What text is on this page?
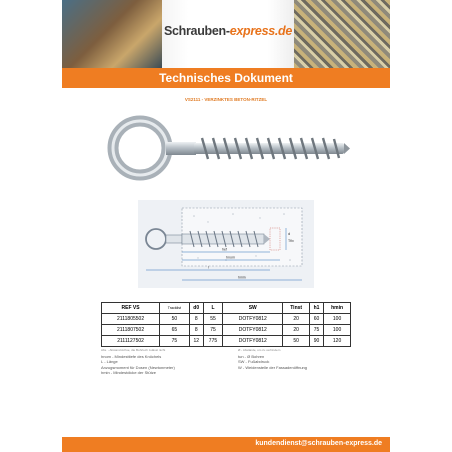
Schrauben-express.de
Technisches Dokument
VS2111 - VERZINKTES BETON-RITZEL
d
Tfix
hef
hnom
l
hmin
REF VS	Tracklist	d0	L	SW	Tinst	h1	hmin
2111805502	50	8	55	DOTFY0812	20	60	100
2111807502	65	8	75	DOTFY0812	20	75	100
2111127502	75	12	775	DOTFY0812	50	90	120
Abs. - Abstand Achse, die Bohrloch zulässt nicht
hnom - Mindesttiefe des Knöchels
L - Länge
Anzugsmoment für Dosen (Newtonmeter)
hmin - Mindestdicke der Stütze
Ø - Abstände, um zu verhindern
tun - Ø Bohren
SW - Fußabdruck
W - Weidenstelle der Fassadenöffnung
kundendienst@schrauben-express.de
